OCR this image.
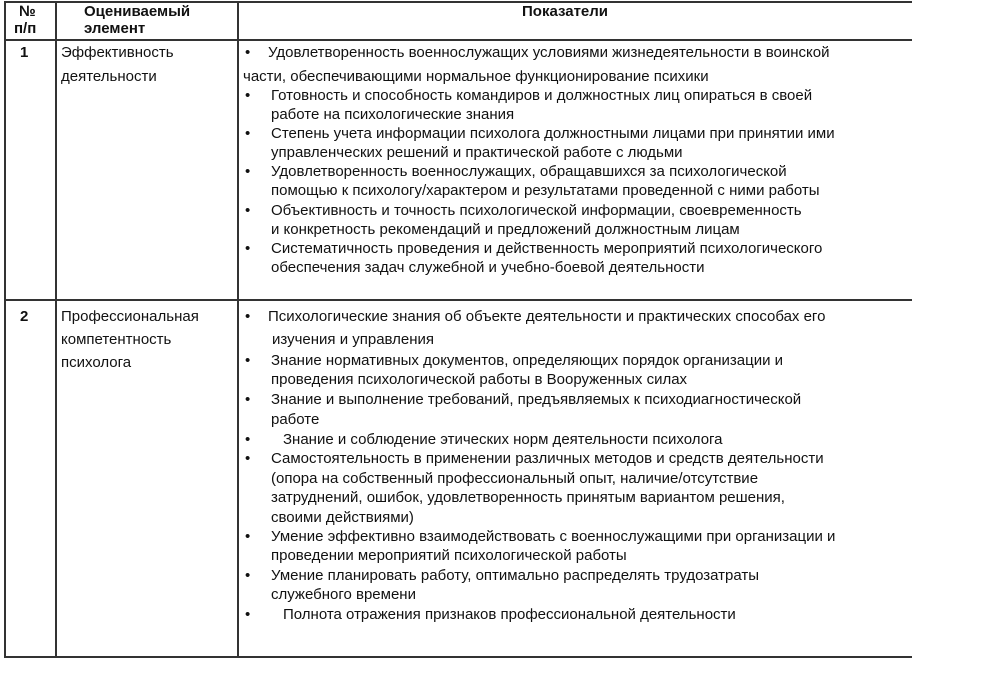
№
п/п
Оцениваемый
элемент
Показатели
1 Эффективность
деятельности
• Удовлетворенность военнослужащих условиями жизнедеятельности в воинской
части, обеспечивающими нормальное функционирование психики
• Готовность и способность командиров и должностных лиц опираться в своей
работе на психологические знания
• Степень учета информации психолога должностными лицами при принятии ими
управленческих решений и практической работе с людьми
• Удовлетворенность военнослужащих, обращавшихся за психологической
помощью к психологу/характером и результатами проведенной с ними работы
• Объективность и точность психологической информации, своевременность
и конкретность рекомендаций и предложений должностным лицам
• Систематичность проведения и действенность мероприятий психологического
обеспечения задач служебной и учебно-боевой деятельности
2 Профессиональная
компетентность
психолога
• Психологические знания об объекте деятельности и практических способах его
изучения и управления
• Знание нормативных документов, определяющих порядок организации и
проведения психологической работы в Вооруженных силах
• Знание и выполнение требований, предъявляемых к психодиагностической
работе
• Знание и соблюдение этических норм деятельности психолога
• Самостоятельность в применении различных методов и средств деятельности
(опора на собственный профессиональный опыт, наличие/отсутствие
затруднений, ошибок, удовлетворенность принятым вариантом решения,
своими действиями)
• Умение эффективно взаимодействовать с военнослужащими при организации и
проведении мероприятий психологической работы
• Умение планировать работу, оптимально распределять трудозатраты
служебного времени
• Полнота отражения признаков профессиональной деятельности
